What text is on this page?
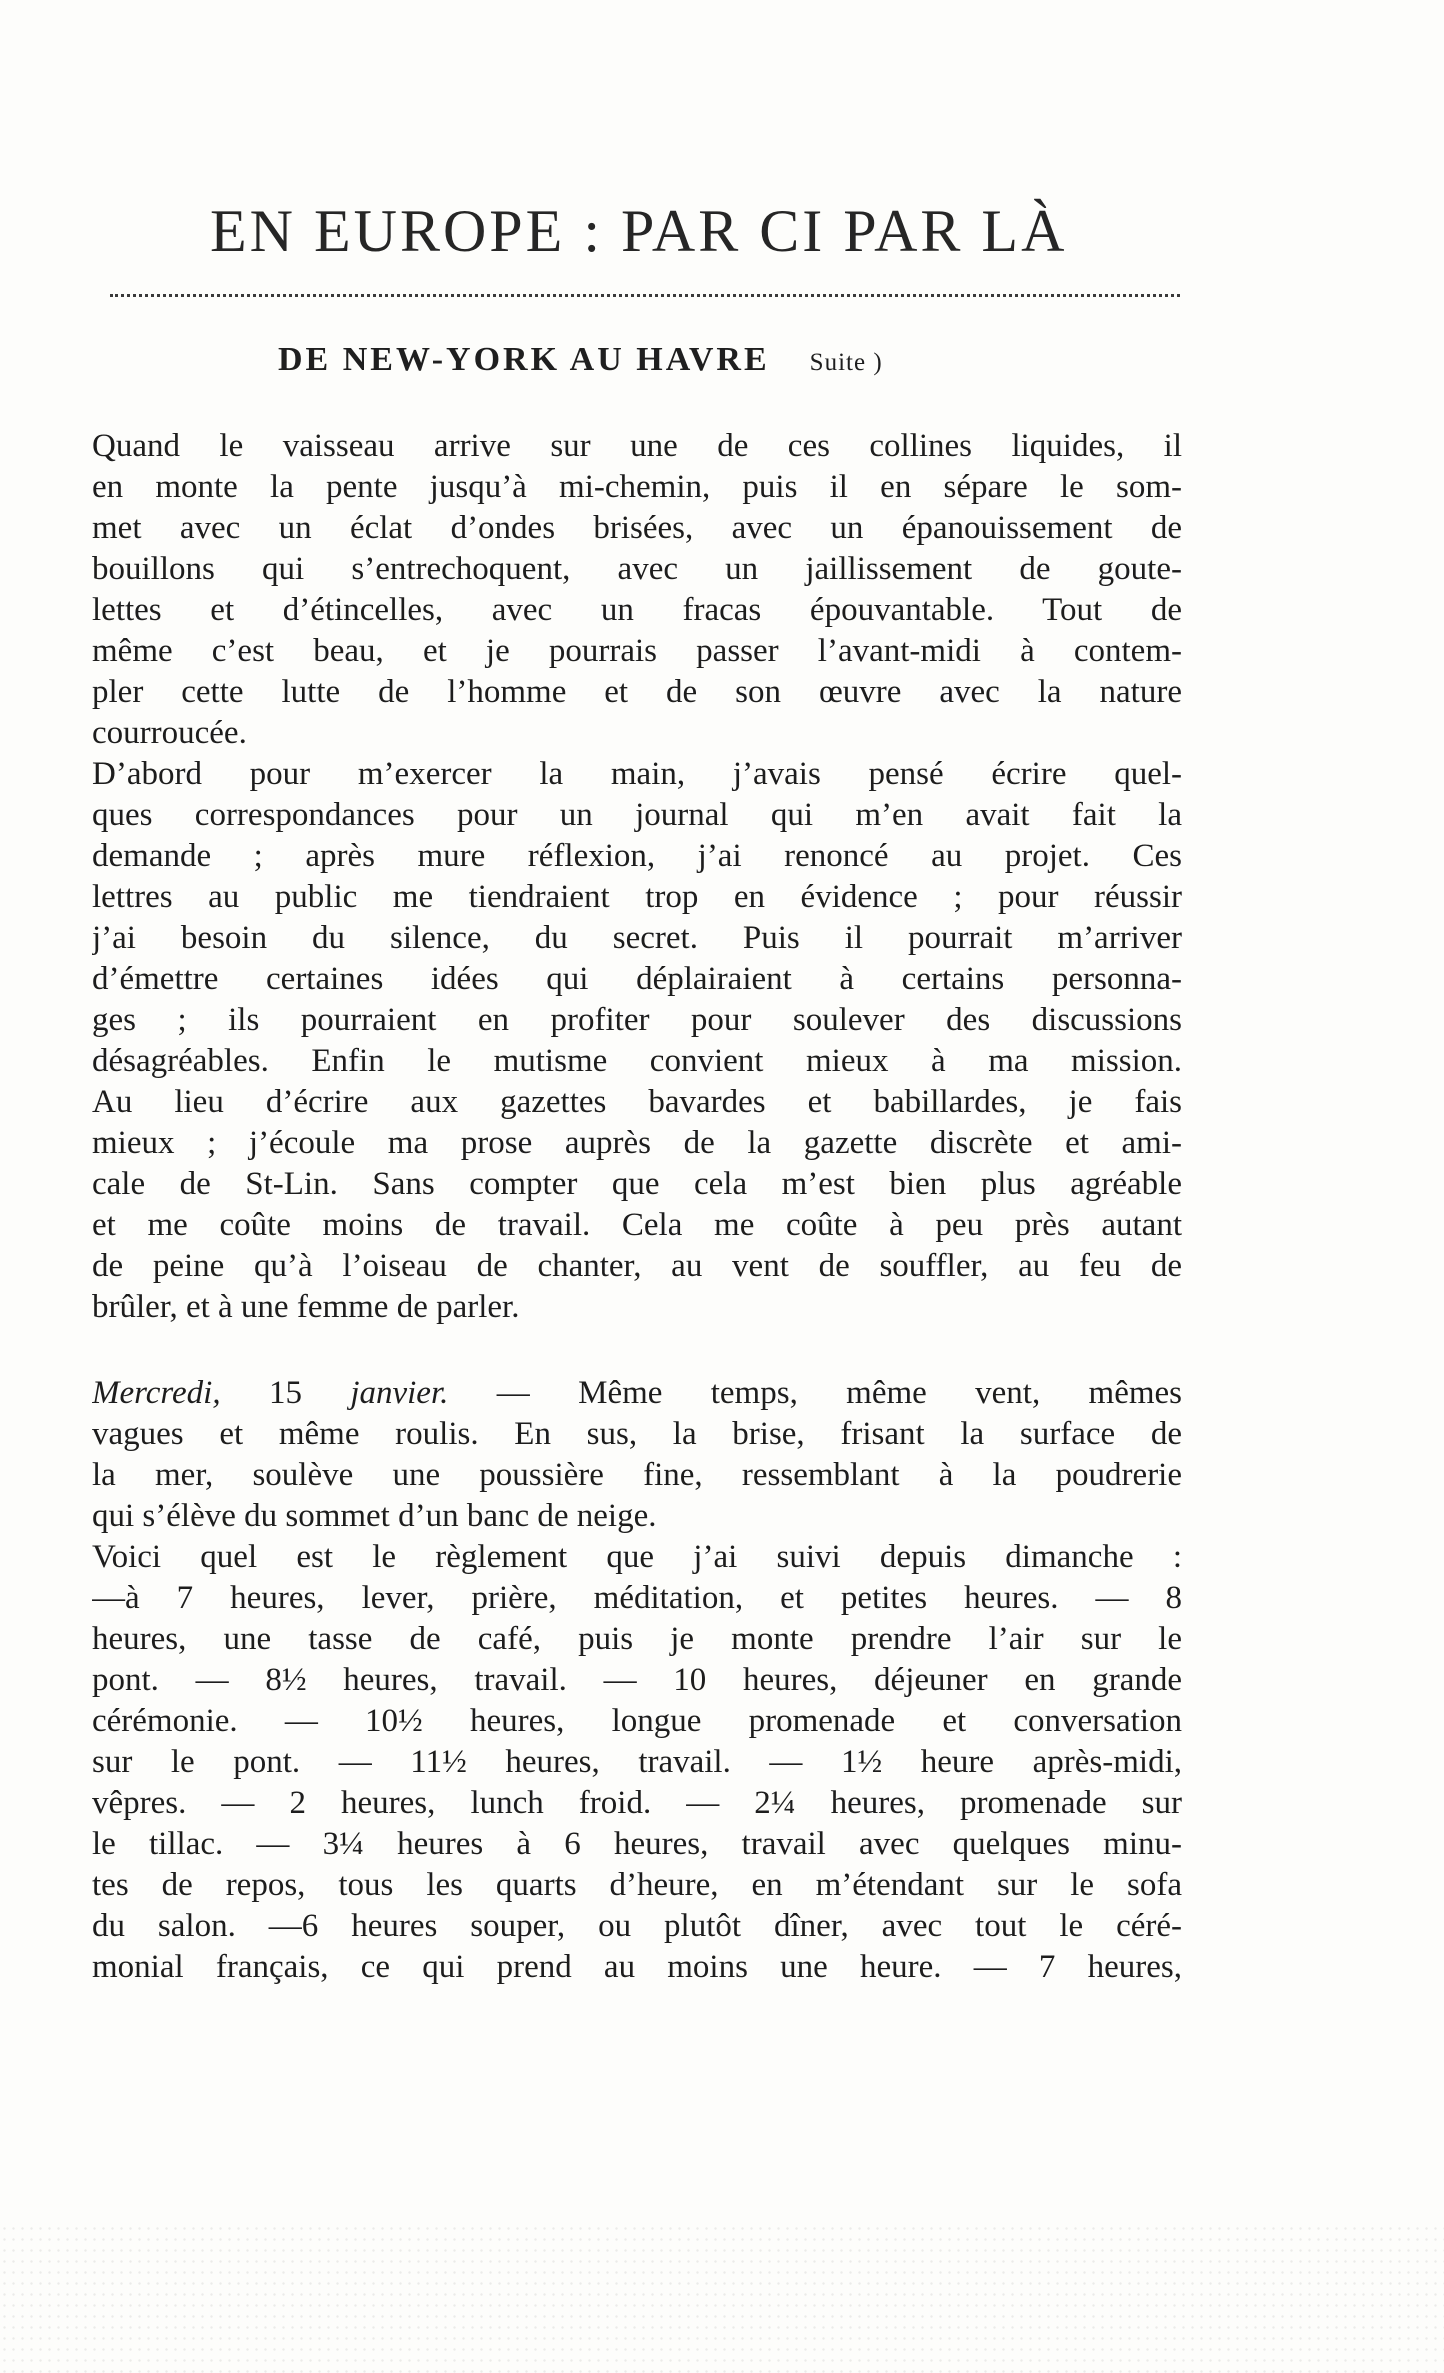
EN EUROPE : PAR CI PAR LÀ
DE NEW-YORK AU HAVRE Suite )
Quand le vaisseau arrive sur une de ces collines liquides, il
en monte la pente jusqu’à mi-chemin, puis il en sépare le som-
met avec un éclat d’ondes brisées, avec un épanouissement de
bouillons qui s’entrechoquent, avec un jaillissement de goute-
lettes et d’étincelles, avec un fracas épouvantable. Tout de
même c’est beau, et je pourrais passer l’avant-midi à contem-
pler cette lutte de l’homme et de son œuvre avec la nature
courroucée.
D’abord pour m’exercer la main, j’avais pensé écrire quel-
ques correspondances pour un journal qui m’en avait fait la
demande ; après mure réflexion, j’ai renoncé au projet. Ces
lettres au public me tiendraient trop en évidence ; pour réussir
j’ai besoin du silence, du secret. Puis il pourrait m’arriver
d’émettre certaines idées qui déplairaient à certains personna-
ges ; ils pourraient en profiter pour soulever des discussions
désagréables. Enfin le mutisme convient mieux à ma mission.
Au lieu d’écrire aux gazettes bavardes et babillardes, je fais
mieux ; j’écoule ma prose auprès de la gazette discrète et ami-
cale de St-Lin. Sans compter que cela m’est bien plus agréable
et me coûte moins de travail. Cela me coûte à peu près autant
de peine qu’à l’oiseau de chanter, au vent de souffler, au feu de
brûler, et à une femme de parler.
Mercredi, 15 janvier. — Même temps, même vent, mêmes
vagues et même roulis. En sus, la brise, frisant la surface de
la mer, soulève une poussière fine, ressemblant à la poudrerie
qui s’élève du sommet d’un banc de neige.
Voici quel est le règlement que j’ai suivi depuis dimanche :
—à 7 heures, lever, prière, méditation, et petites heures. — 8
heures, une tasse de café, puis je monte prendre l’air sur le
pont. — 8½ heures, travail. — 10 heures, déjeuner en grande
cérémonie. — 10½ heures, longue promenade et conversation
sur le pont. — 11½ heures, travail. — 1½ heure après-midi,
vêpres. — 2 heures, lunch froid. — 2¼ heures, promenade sur
le tillac. — 3¼ heures à 6 heures, travail avec quelques minu-
tes de repos, tous les quarts d’heure, en m’étendant sur le sofa
du salon. —6 heures souper, ou plutôt dîner, avec tout le céré-
monial français, ce qui prend au moins une heure. — 7 heures,
